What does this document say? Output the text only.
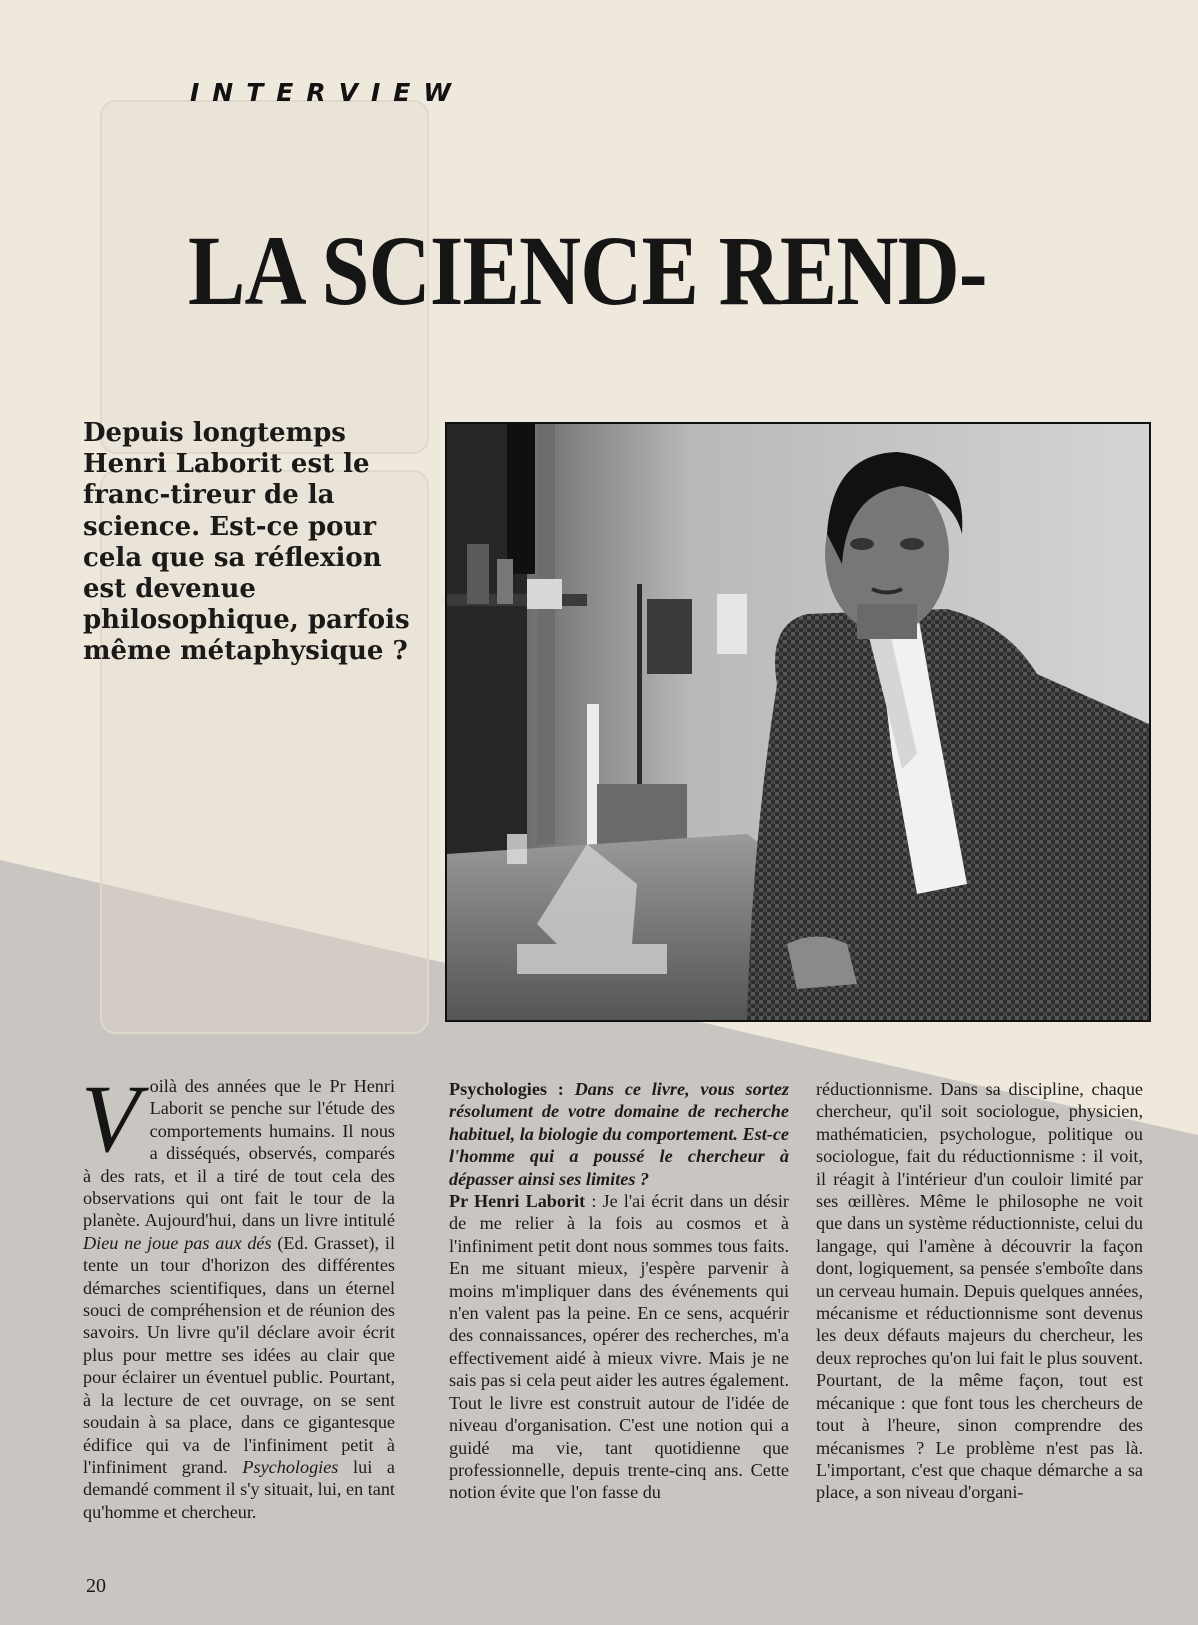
INTERVIEW
LA SCIENCE REND-

Depuis longtemps Henri Laborit est le franc-tireur de la science. Est-ce pour cela que sa réflexion est devenue philosophique, parfois même métaphysique ?

V oilà des années que le Pr Henri Laborit se penche sur l'étude des comportements humains. Il nous a disséqués, observés, comparés à des rats, et il a tiré de tout cela des observations qui ont fait le tour de la planète. Aujourd'hui, dans un livre intitulé Dieu ne joue pas aux dés (Ed. Grasset), il tente un tour d'horizon des différentes démarches scientifiques, dans un éternel souci de compréhension et de réunion des savoirs. Un livre qu'il déclare avoir écrit plus pour mettre ses idées au clair que pour éclairer un éventuel public. Pourtant, à la lecture de cet ouvrage, on se sent soudain à sa place, dans ce gigantesque édifice qui va de l'infiniment petit à l'infiniment grand. Psychologies lui a demandé comment il s'y situait, lui, en tant qu'homme et chercheur.

Psychologies : Dans ce livre, vous sortez résolument de votre domaine de recherche habituel, la biologie du comportement. Est-ce l'homme qui a poussé le chercheur à dépasser ainsi ses limites ?

Pr Henri Laborit : Je l'ai écrit dans un désir de me relier à la fois au cosmos et à l'infiniment petit dont nous sommes tous faits. En me situant mieux, j'espère parvenir à moins m'impliquer dans des événements qui n'en valent pas la peine. En ce sens, acquérir des connaissances, opérer des recherches, m'a effectivement aidé à mieux vivre. Mais je ne sais pas si cela peut aider les autres également. Tout le livre est construit autour de l'idée de niveau d'organisation. C'est une notion qui a guidé ma vie, tant quotidienne que professionnelle, depuis trente-cinq ans. Cette notion évite que l'on fasse du

réductionnisme. Dans sa discipline, chaque chercheur, qu'il soit sociologue, physicien, mathématicien, psychologue, politique ou sociologue, fait du réductionnisme : il voit, il réagit à l'intérieur d'un couloir limité par ses œillères. Même le philosophe ne voit que dans un système réductionniste, celui du langage, qui l'amène à découvrir la façon dont, logiquement, sa pensée s'emboîte dans un cerveau humain. Depuis quelques années, mécanisme et réductionnisme sont devenus les deux défauts majeurs du chercheur, les deux reproches qu'on lui fait le plus souvent. Pourtant, de la même façon, tout est mécanique : que font tous les chercheurs de tout à l'heure, sinon comprendre des mécanismes ? Le problème n'est pas là. L'important, c'est que chaque démarche a sa place, a son niveau d'organi-

20
